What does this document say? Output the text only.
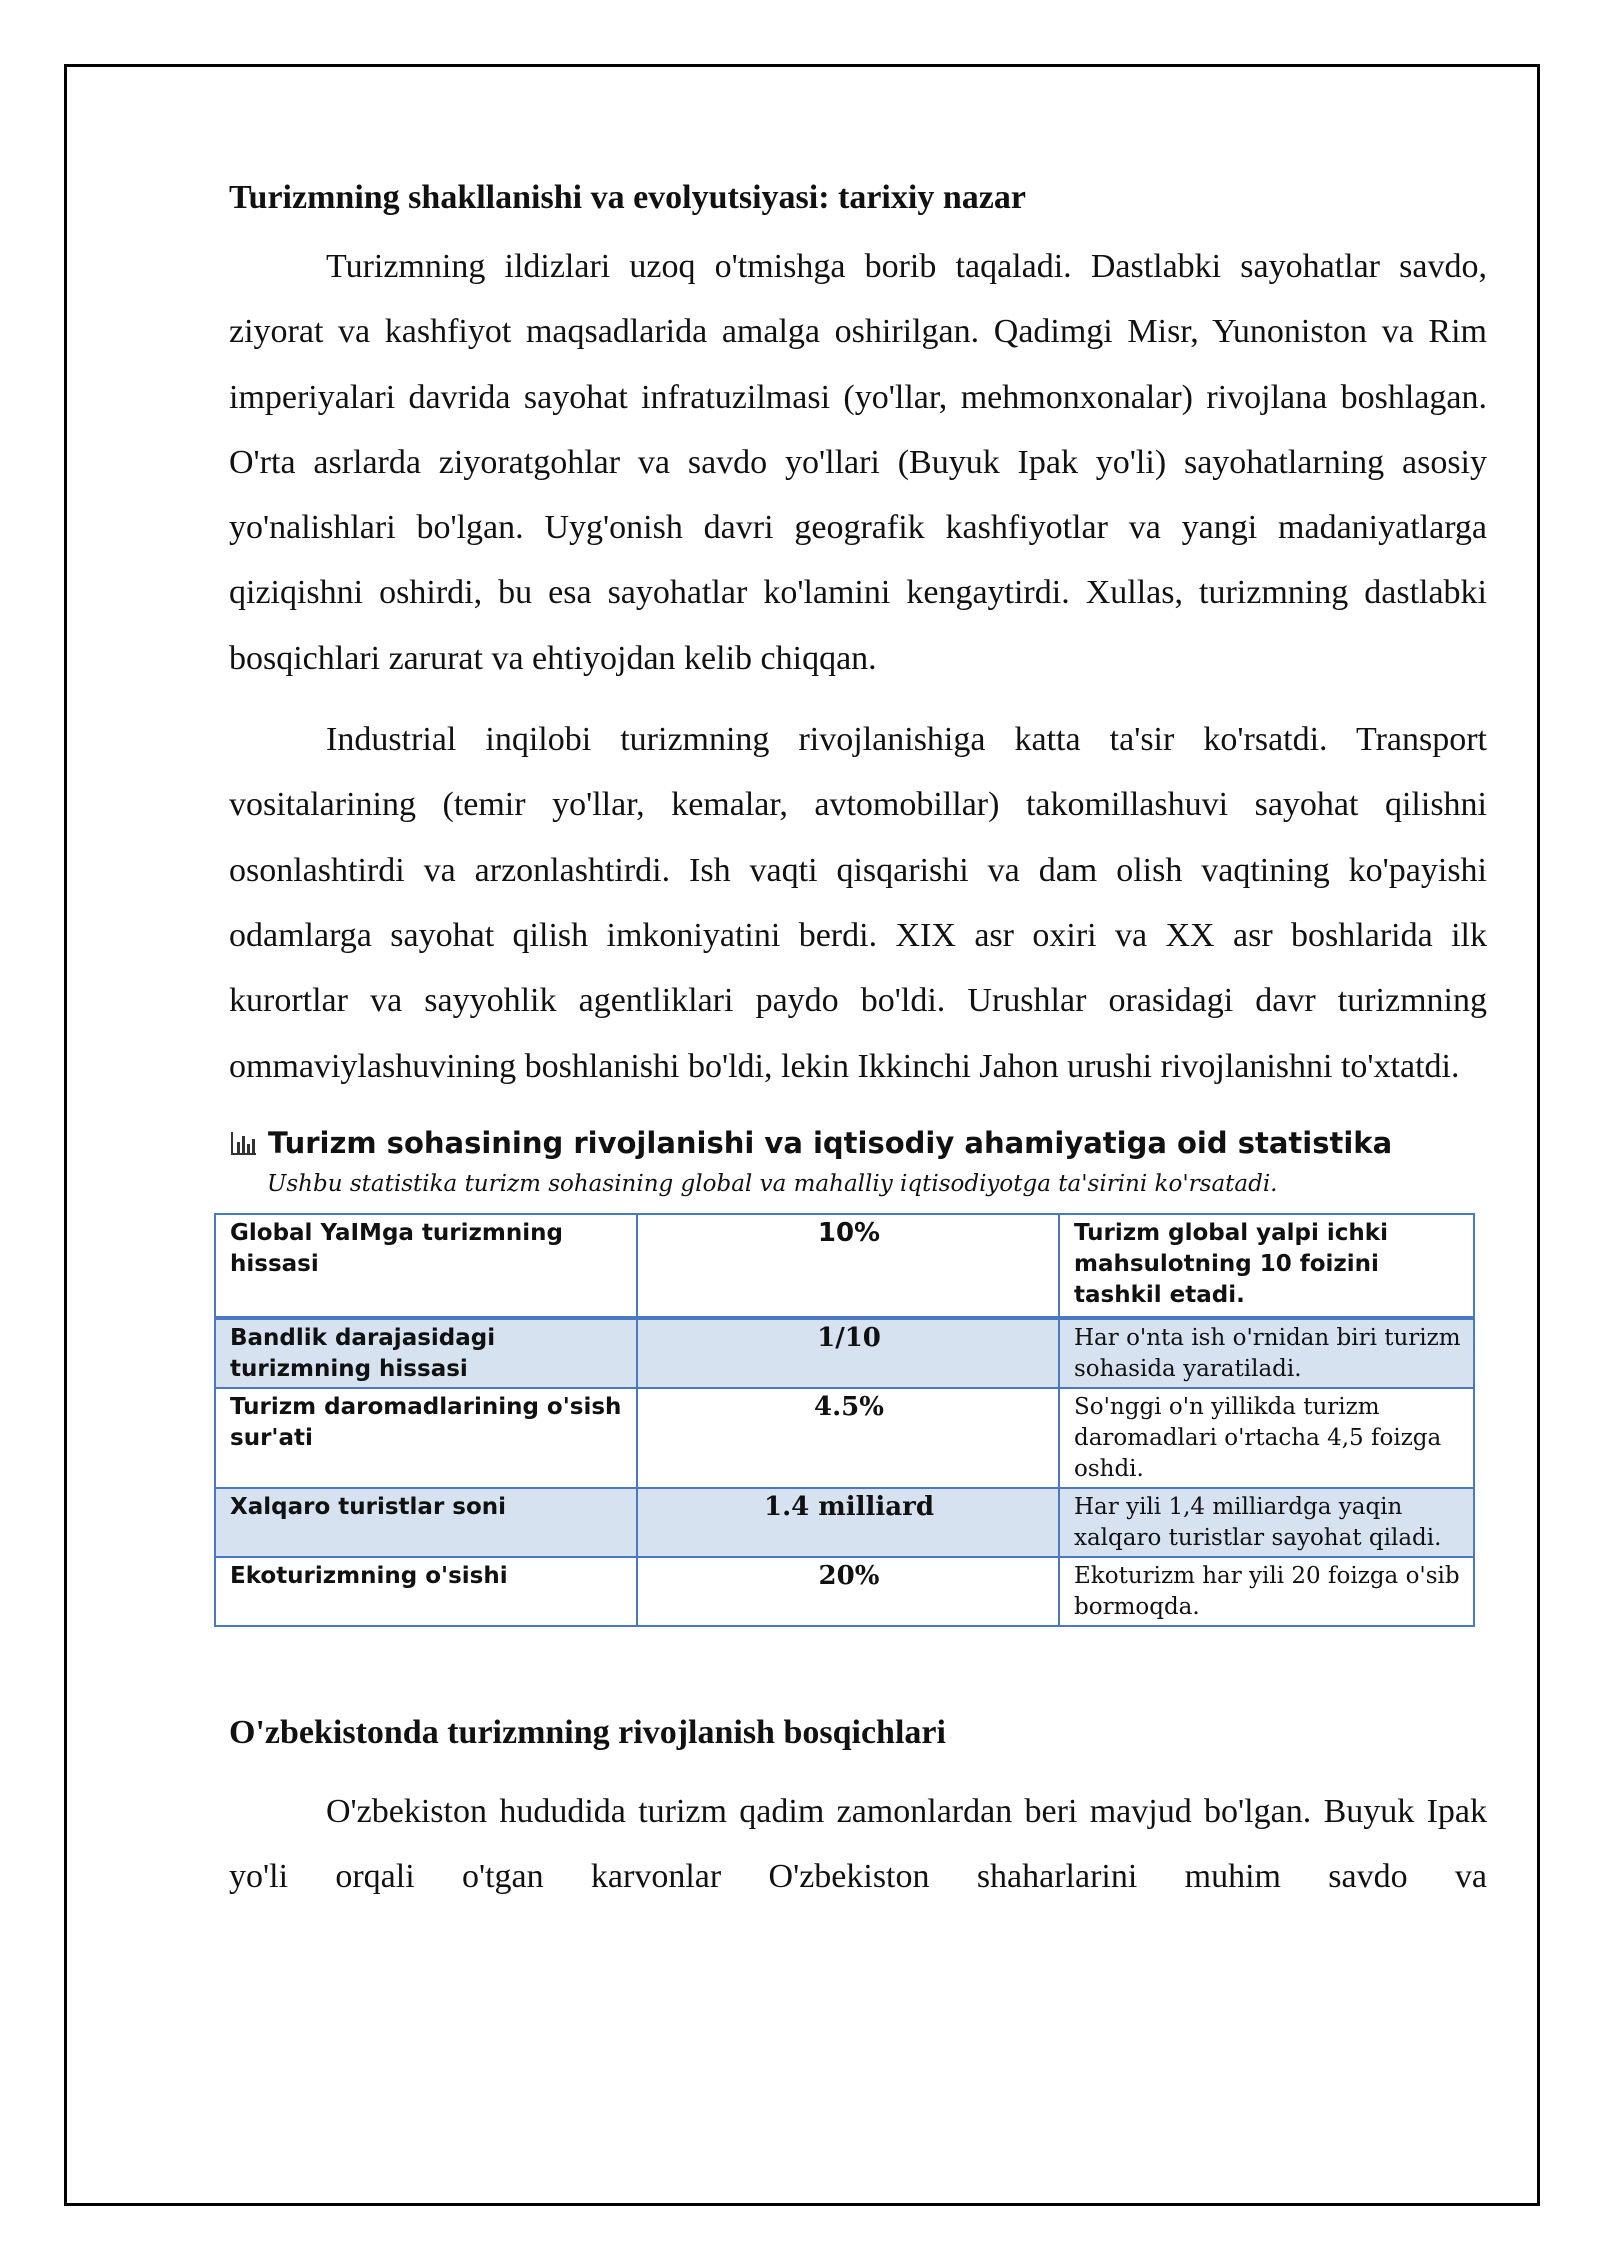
Turizmning shakllanishi va evolyutsiyasi: tarixiy nazar

Turizmning ildizlari uzoq o'tmishga borib taqaladi. Dastlabki sayohatlar savdo, ziyorat va kashfiyot maqsadlarida amalga oshirilgan. Qadimgi Misr, Yunoniston va Rim imperiyalari davrida sayohat infratuzilmasi (yo'llar, mehmonxonalar) rivojlana boshlagan. O'rta asrlarda ziyoratgohlar va savdo yo'llari (Buyuk Ipak yo'li) sayohatlarning asosiy yo'nalishlari bo'lgan. Uyg'onish davri geografik kashfiyotlar va yangi madaniyatlarga qiziqishni oshirdi, bu esa sayohatlar ko'lamini kengaytirdi. Xullas, turizmning dastlabki bosqichlari zarurat va ehtiyojdan kelib chiqqan.

Industrial inqilobi turizmning rivojlanishiga katta ta'sir ko'rsatdi. Transport vositalarining (temir yo'llar, kemalar, avtomobillar) takomillashuvi sayohat qilishni osonlashtirdi va arzonlashtirdi. Ish vaqti qisqarishi va dam olish vaqtining ko'payishi odamlarga sayohat qilish imkoniyatini berdi. XIX asr oxiri va XX asr boshlarida ilk kurortlar va sayyohlik agentliklari paydo bo'ldi. Urushlar orasidagi davr turizmning ommaviylashuvining boshlanishi bo'ldi, lekin Ikkinchi Jahon urushi rivojlanishni to'xtatdi.

Turizm sohasining rivojlanishi va iqtisodiy ahamiyatiga oid statistika
Ushbu statistika turizm sohasining global va mahalliy iqtisodiyotga ta'sirini ko'rsatadi.
Global YaIMga turizmning hissasi	10%	Turizm global yalpi ichki mahsulotning 10 foizini tashkil etadi.
Bandlik darajasidagi turizmning hissasi	1/10	Har o'nta ish o'rnidan biri turizm sohasida yaratiladi.
Turizm daromadlarining o'sish sur'ati	4.5%	So'nggi o'n yillikda turizm daromadlari o'rtacha 4,5 foizga oshdi.
Xalqaro turistlar soni	1.4 milliard	Har yili 1,4 milliardga yaqin xalqaro turistlar sayohat qiladi.
Ekoturizmning o'sishi	20%	Ekoturizm har yili 20 foizga o'sib bormoqda.
O'zbekistonda turizmning rivojlanish bosqichlari

O'zbekiston hududida turizm qadim zamonlardan beri mavjud bo'lgan. Buyuk Ipak yo'li orqali o'tgan karvonlar O'zbekiston shaharlarini muhim savdo va
